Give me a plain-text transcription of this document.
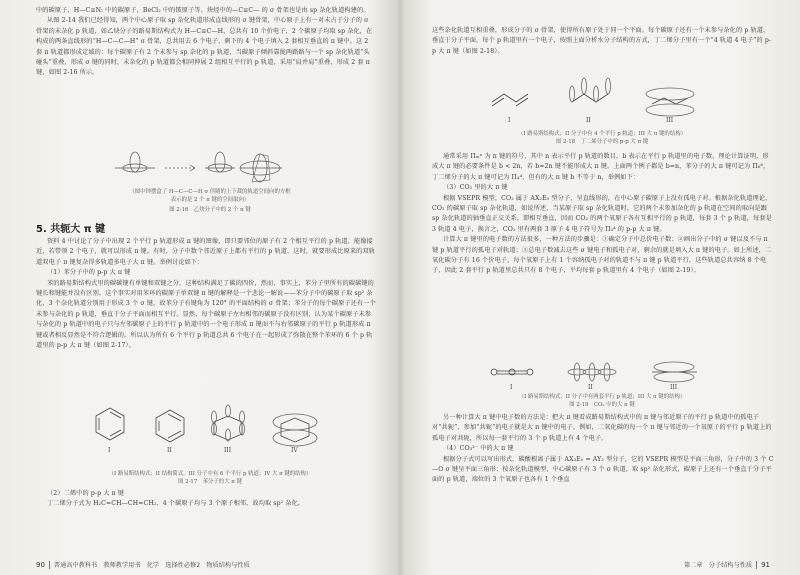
中的碳原子，H—C≡N: 中的碳原子，BeCl₂ 中的铍原子等。炔烃中的—C≡C— 的 σ 骨架也是由 sp 杂化轨道构建的。

从图 2-14 我们已经得知，两个中心原子取 sp 杂化轨道形成直线形的 σ 键骨架，中心原子上有一对未占于分子的 σ 骨架的未杂化 p 轨道，如乙炔分子的路易斯结构式为 H—C≡C—H，总共有 10 个价电子，2 个碳原子均取 sp 杂化，在构成的两条直线形的“H—C—C—H” σ 骨架，总共用去 6 个电子，剩下的 4 个电子填入 2 套相互垂直的 π 键中。这 2 套 π 轨道都形成定域的：每个碳原子有 2 个未参与 sp 杂化的 p 轨道，当碳原子倾斜靠拢两路路与一个 sp 杂化轨道“头碰头”重叠，形成 σ 键的同时，未杂化的 p 轨道都会相同伸展 2 组相互平行的 p 轨道，采用“肩并肩”重叠，形成 2 套 π 键，如图 2-16 所示。

（图中钟摆盒了 H—C—C—H σ 伴随的上下裁的轨道空间向的方框
表示的是 2 个 π 键的空间取向）
图 2-16　乙炔分子中的 2 个 π 键
5. 共轭大 π 键

资料 4 中讨论了分子中出现 2 个平行 p 轨道形成 π 键的图像，即只要邻位的原子有 2 个相互平行的 p 轨道，能像接近，若带领 2 个电子，就可以形成 π 键。有时，分子中数个邻近原子上都有平行的 p 轨道，这时，就要形成比原来的双轨道双电子 π 键复杂得多轨道多电子大 π 键。举例讨论如下：

（1）苯分子中的 p-p 大 π 键

苯的路易斯结构式里的碳碳键有单键和双键之分，这种结构满足了碳的四价，然而，事实上，苯分子里所有的碳碳键的键长和键能并没有区别，这个事实对用苯环的碳原子单双键 π 键的解释是一个悲论一解说——苯分子中的碳原子取 sp² 杂化，3 个杂化轨道分别用于形成 3 个 σ 键，故苯分子有键角为 120° 的平面结构的 σ 骨架；苯分子的每个碳原子还有一个未参与杂化的 p 轨道，垂直于分子平面而相互平行。显然，每个碳原子左右相邻的碳原子没有区别，认为某个碳原子未参与杂化的 p 轨道中的电子只与左邻碳原子上的平行 p 轨道中的一个电子形成 π 键而不与右邻碳原子的平行 p 轨道形成 π 键或者相反显然是不符合逻辑的。所以认为所有 6 个平行 p 轨道总共 6 个电子在一起形成了弥散在整个苯环的 6 个 p 轨道里的 p-p 大 π 键（如图 2-17）。

I	II	III	IV
（I 路易斯结构式；II 结构简式，III 分子中有 6 个平行 p 轨道；IV 大 π 键的结构）
图 2-17　苯分子的大 π 键

（2）二烯中的 p-p 大 π 键

丁二烯分子式为 H₂C=CH—CH=CH₂，4 个碳原子均与 3 个原子相邻，故均取 sp² 杂化，

90 普通高中教科书　教师教学用书　化学　选择性必修2　物质结构与性质

这些杂化轨道互相重叠，形成分子的 σ 骨架，使得所有原子处于同一个平面。每个碳原子还有一个未参与杂化的 p 轨道，垂直于分子平面，每个 p 轨道里有一个电子，按照上面分析水分子结构的方式，丁二烯分子里有一个“4 轨道 4 电子”的 p-p 大 π 键（如图 2-18）。

I	II	III
（I 路易斯结构式；II 分子中有 4 个平行 p 轨道；III 大 π 键的结构）
图 2-18　丁二烯分子中的 p-p 大 π 键

通常采用 Πₘⁿ 为 π 键的符号，其中 n 表示平行 p 轨道的数目，b 表示在平行 p 轨道里的电子数。理论计算证明，形成大 π 键的必要条件是 b < 2n，若 b=2n 键不能形成大 π 键。上面两个例子都是 b=n，苯分子的大 π 键可记为 Π₆⁶，丁二烯分子的大 π 键可记为 Π₄⁴，但有的大 π 键 b 不等于 n，举例如下：

（3）CO₂ 里的大 π 键

根据 VSEPR 模型，CO₂ 属于 AX₂E₀ 型分子，呈直线形的，在中心原子碳原子上没有孤电子对。根据杂化轨道理论，CO₂ 的碳原子取 sp 杂化轨道，如说所述，当某原子取 sp 杂化轨道时，它的两个未参加杂化的 p 轨道在空间的取向是跟 sp 杂化轨道的轴垂直正交关系，即相互垂直，因而 CO₂ 的两个氧原子各有互相平行的 p 轨道，每套 3 个 p 轨道，每套是 3 轨道 4 电子，换言之，CO₂ 里有两套 3 原子 4 电子符号为 Π₃⁴ 的 p-p 大 π 键。

计算大 π 键里的电子数的方法很多，一种方法的步骤是：①确定分子中总价电子数；②画出分子中的 σ 键以及不与 π 键 p 轨道平行的孤电子对轨道；③总电子数减去这些 σ 键电子和孤电子对，剩余的就是填入大 π 键的电子。如上所述，二氧化碳分子有 16 个价电子，每个氧原子上有 1 个容纳孤电子对的轨道不与 π 键 p 轨道平行，这些轨道总共容纳 8 个电子，因此 2 套平行 p 轨道里总共只有 8 个电子，平均每套 p 轨道里有 4 个电子（如图 2-19）。

I	II	III
（I 路易斯结构式；II 分子中有两套平行 p 轨道；III 大 π 键的结构）
图 2-19　CO₂ 中的大 π 键

另一种计算大 π 键中电子数的方法是：把大 π 键看成路易斯结构式中的 π 键与邻近原子的平行 p 轨道中的孤电子对“共轭”，参加“共轭”的电子就是大 π 键中的电子。例如，二氧化碳的每一个 π 键与邻近的一个氧原子的平行 p 轨道上的孤电子对共轭，所以每一套平行的 3 个 p 轨道上有 4 个电子。

（4）CO₃²⁻ 中的大 π 键

根据分子式可以写出形式，碳酸根离子属于 AX₃E₀ = AY₃ 型分子，它的 VSEPR 模型是平面三角形，分子中的 3 个 C—O σ 键呈平面三角形；按杂化轨道模型，中心碳原子有 3 个 σ 轨道，取 sp² 杂化形式，碳原子上还有一个垂直于分子平面的 p 轨道，端位的 3 个氧原子也各有 1 个垂直

第二章　分子结构与性质 91
